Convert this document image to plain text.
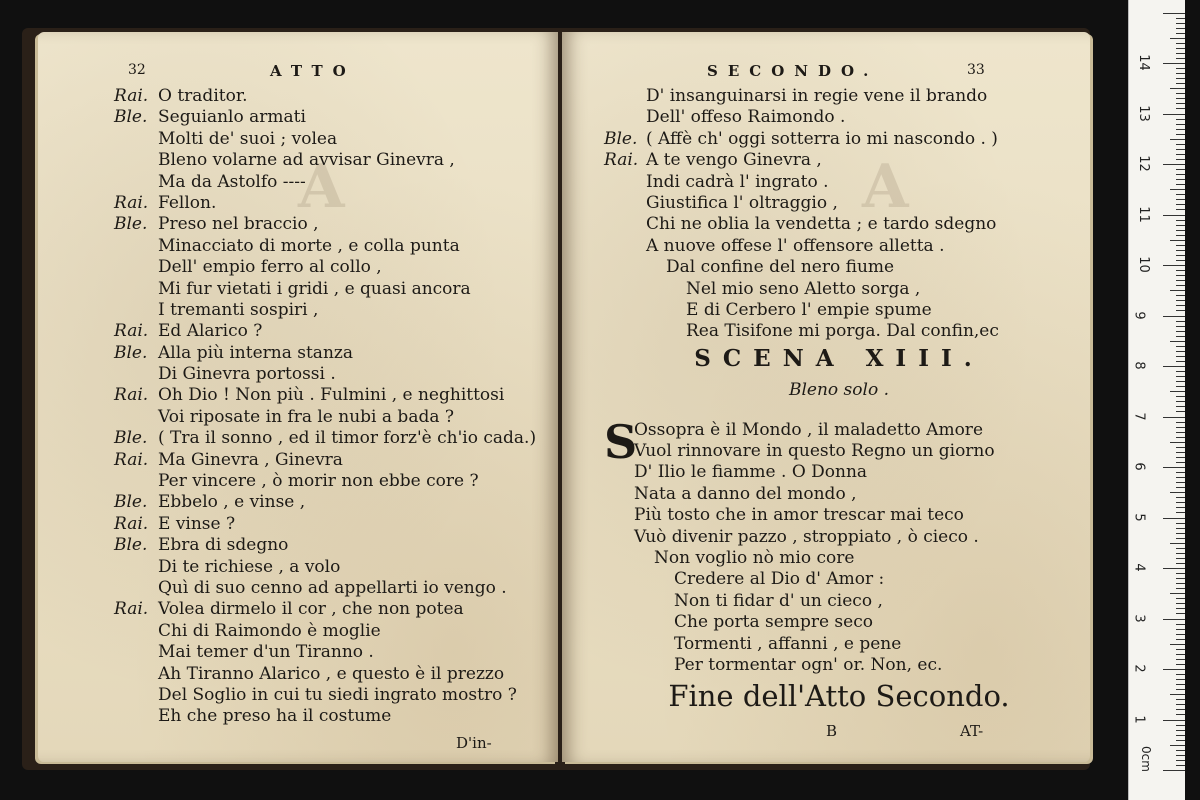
A
32	ATTO
Rai. O traditor.
Ble. Seguianlo armati
Molti de' suoi ; volea
Bleno volarne ad avvisar Ginevra ,
Ma da Astolfo ----
Rai. Fellon.
Ble. Preso nel braccio ,
Minacciato di morte , e colla punta
Dell' empio ferro al collo ,
Mi fur vietati i gridi , e quasi ancora
I tremanti sospiri ,
Rai. Ed Alarico ?
Ble. Alla più interna stanza
Di Ginevra portossi .
Rai. Oh Dio ! Non più . Fulmini , e neghittosi
Voi riposate in fra le nubi a bada ?
Ble. ( Tra il sonno , ed il timor forz'è ch'io cada.)
Rai. Ma Ginevra , Ginevra
Per vincere , ò morir non ebbe core ?
Ble. Ebbelo , e vinse ,
Rai. E vinse ?
Ble. Ebra di sdegno
Di te richiese , a volo
Quì di suo cenno ad appellarti io vengo .
Rai. Volea dirmelo il cor , che non potea
Chi di Raimondo è moglie
Mai temer d'un Tiranno .
Ah Tiranno Alarico , e questo è il prezzo
Del Soglio in cui tu siedi ingrato mostro ?
Eh che preso ha il costume
D'in-
A
SECONDO.	33
D' insanguinarsi in regie vene il brando
Dell' offeso Raimondo .
Ble. ( Affè ch' oggi sotterra io mi nascondo . )
Rai. A te vengo Ginevra ,
Indi cadrà l' ingrato .
Giustifica l' oltraggio ,
Chi ne oblia la vendetta ; e tardo sdegno
A nuove offese l' offensore alletta .
Dal confine del nero fiume
Nel mio seno Aletto sorga ,
E di Cerbero l' empie spume
Rea Tisifone mi porga. Dal confin,ec
SCENA XIII.
Bleno solo .
S
Ossopra è il Mondo , il maladetto Amore
Vuol rinnovare in questo Regno un giorno
D' Ilio le fiamme . O Donna
Nata a danno del mondo ,
Più tosto che in amor trescar mai teco
Vuò divenir pazzo , stroppiato , ò cieco .
Non voglio nò mio core
Credere al Dio d' Amor :
Non ti fidar d' un cieco ,
Che porta sempre seco
Tormenti , affanni , e pene
Per tormentar ogn' or. Non, ec.
Fine dell'Atto Secondo.
B	AT-
0cm
14
13
12
11
10
9
8
7
6
5
4
3
2
1
